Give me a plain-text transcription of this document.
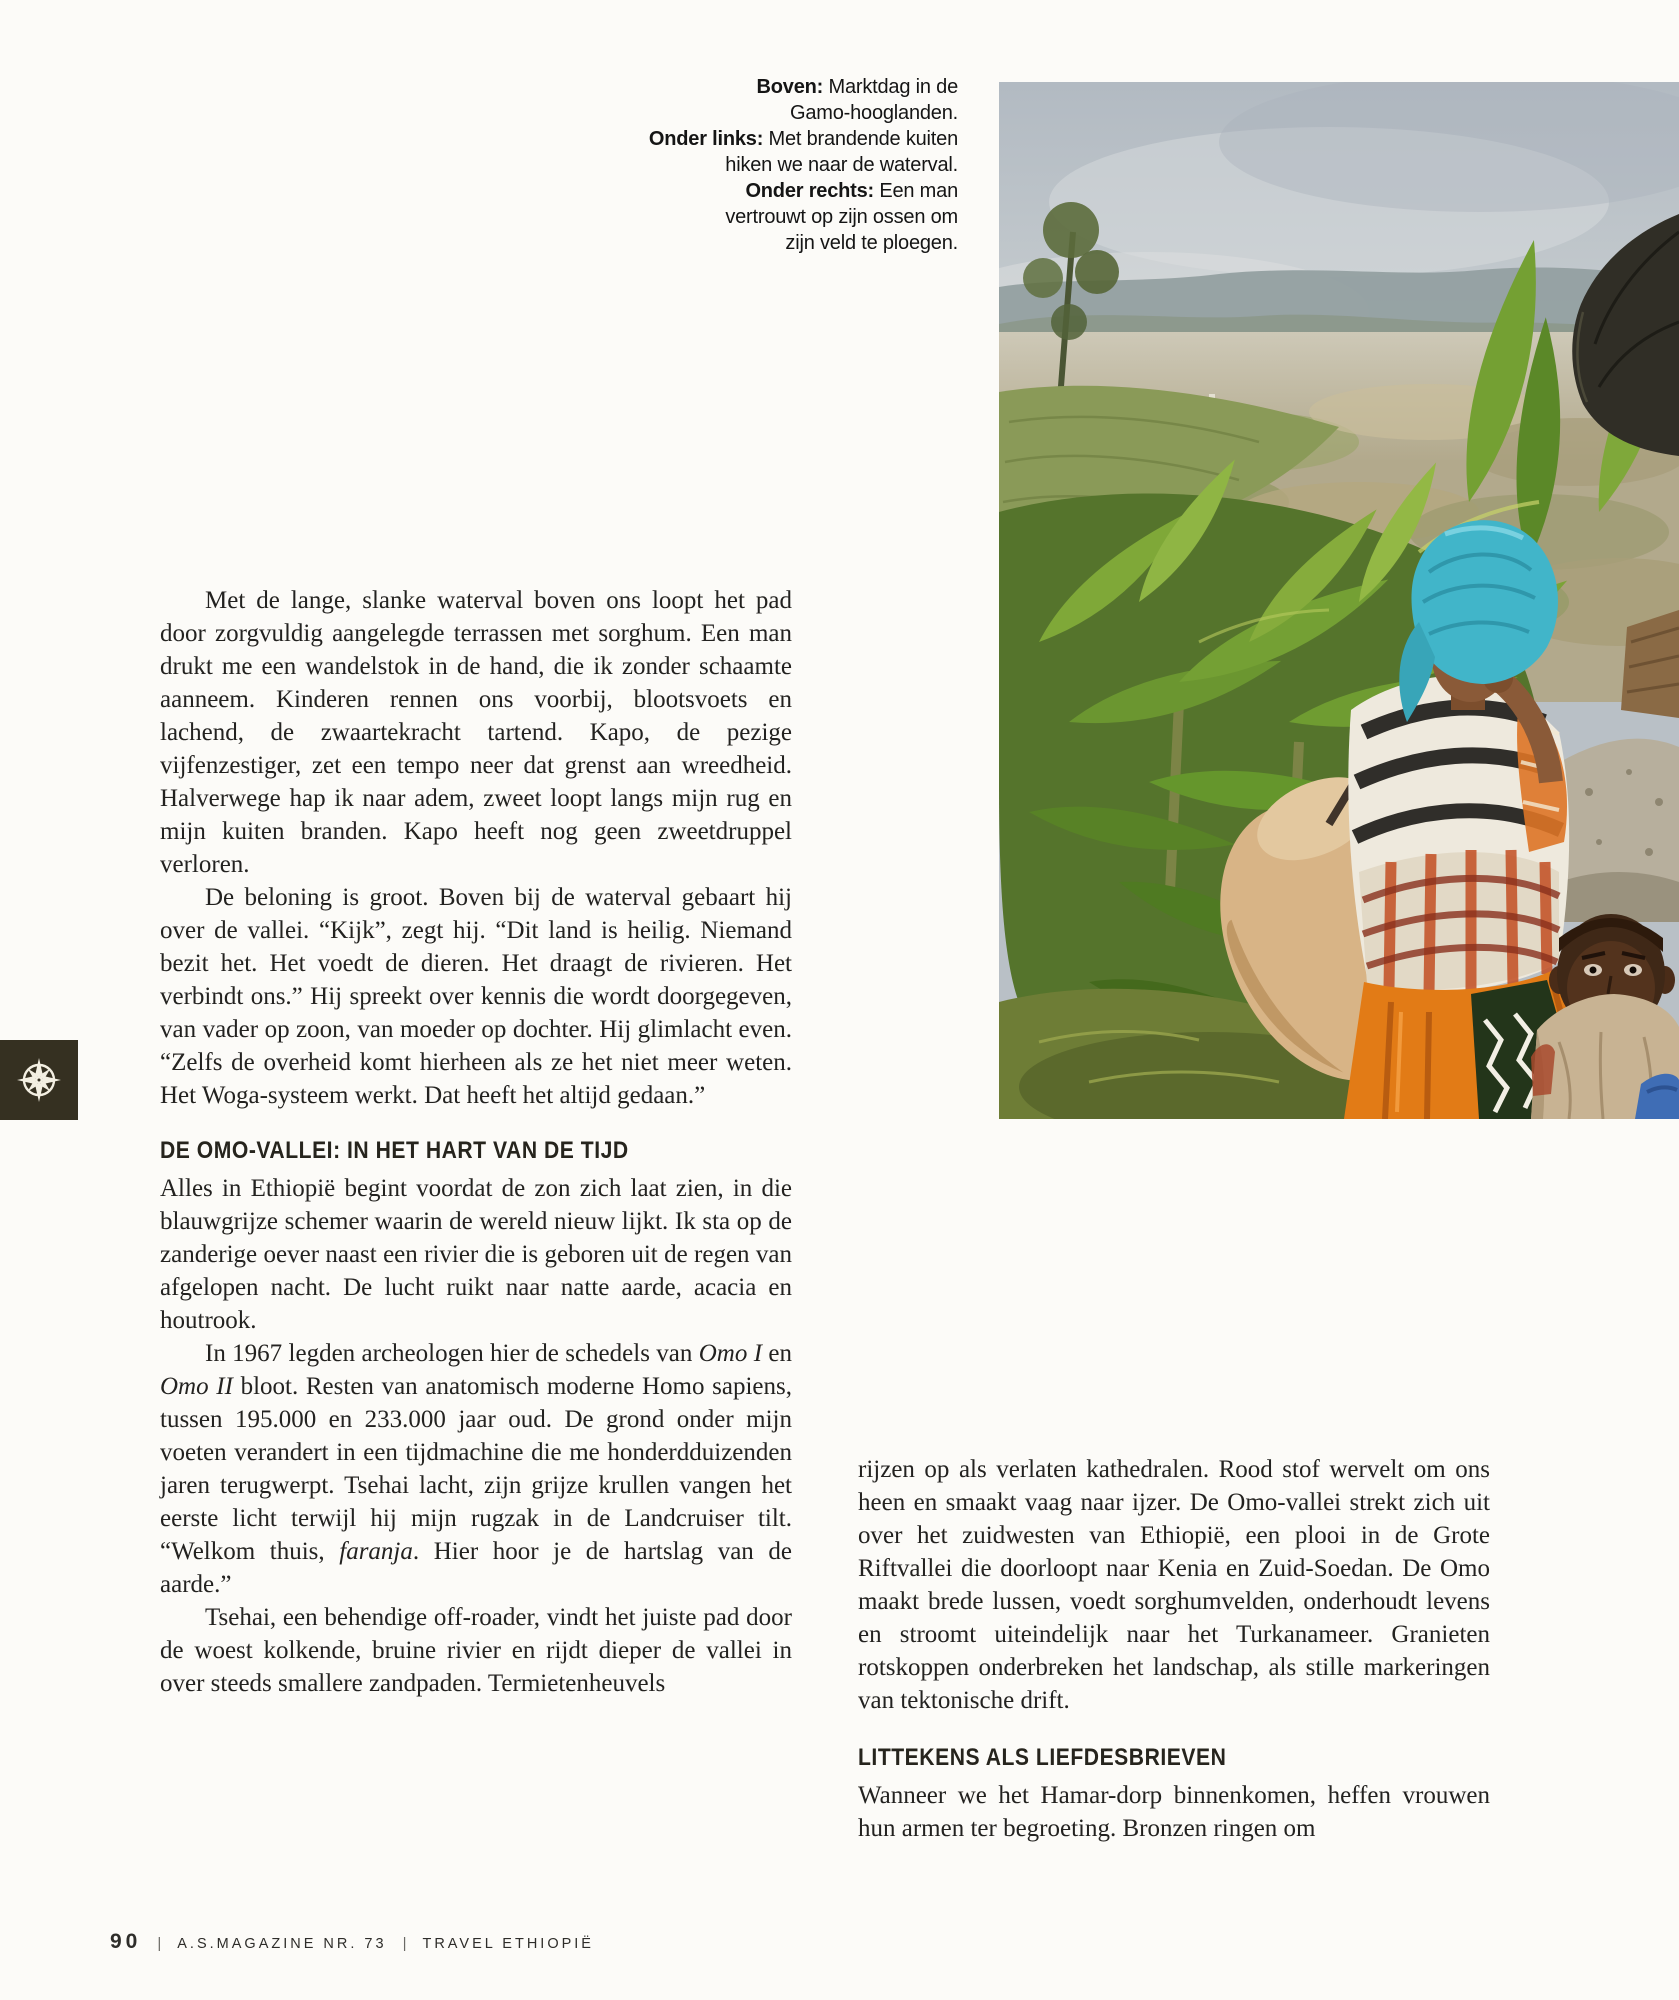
Boven: Marktdag in de
Gamo-hooglanden.
Onder links: Met brandende kuiten
hiken we naar de waterval.
Onder rechts: Een man
vertrouwt op zijn ossen om
zijn veld te ploegen.

Met de lange, slanke waterval boven ons loopt het pad door zorgvuldig aangelegde terrassen met sorghum. Een man drukt me een wandelstok in de hand, die ik zonder schaamte aanneem. Kinderen rennen ons voorbij, blootsvoets en lachend, de zwaartekracht tartend. Kapo, de pezige vijfenzestiger, zet een tempo neer dat grenst aan wreedheid. Halverwege hap ik naar adem, zweet loopt langs mijn rug en mijn kuiten branden. Kapo heeft nog geen zweetdruppel verloren.

De beloning is groot. Boven bij de waterval gebaart hij over de vallei. “Kijk”, zegt hij. “Dit land is heilig. Niemand bezit het. Het voedt de dieren. Het draagt de rivieren. Het verbindt ons.” Hij spreekt over kennis die wordt doorgegeven, van vader op zoon, van moeder op dochter. Hij glimlacht even. “Zelfs de overheid komt hierheen als ze het niet meer weten. Het Woga-systeem werkt. Dat heeft het altijd gedaan.”

DE OMO-VALLEI: IN HET HART VAN DE TIJD

Alles in Ethiopië begint voordat de zon zich laat zien, in die blauwgrijze schemer waarin de wereld nieuw lijkt. Ik sta op de zanderige oever naast een rivier die is geboren uit de regen van afgelopen nacht. De lucht ruikt naar natte aarde, acacia en houtrook.

In 1967 legden archeologen hier de schedels van Omo I en Omo II bloot. Resten van anatomisch moderne Homo sapiens, tussen 195.000 en 233.000 jaar oud. De grond onder mijn voeten verandert in een tijdmachine die me honderdduizenden jaren terugwerpt. Tsehai lacht, zijn grijze krullen vangen het eerste licht terwijl hij mijn rugzak in de Landcruiser tilt. “Welkom thuis, faranja. Hier hoor je de hartslag van de aarde.”

Tsehai, een behendige off-roader, vindt het juiste pad door de woest kolkende, bruine rivier en rijdt dieper de vallei in over steeds smallere zandpaden. Termietenheuvels

rijzen op als verlaten kathedralen. Rood stof wervelt om ons heen en smaakt vaag naar ijzer. De Omo-vallei strekt zich uit over het zuidwesten van Ethiopië, een plooi in de Grote Riftvallei die doorloopt naar Kenia en Zuid-Soedan. De Omo maakt brede lussen, voedt sorghumvelden, onderhoudt levens en stroomt uiteindelijk naar het Turkanameer. Granieten rotskoppen onderbreken het landschap, als stille markeringen van tektonische drift.

LITTEKENS ALS LIEFDESBRIEVEN

Wanneer we het Hamar-dorp binnenkomen, heffen vrouwen hun armen ter begroeting. Bronzen ringen om

90 | A.S.MAGAZINE NR. 73 | TRAVEL ETHIOPIË
